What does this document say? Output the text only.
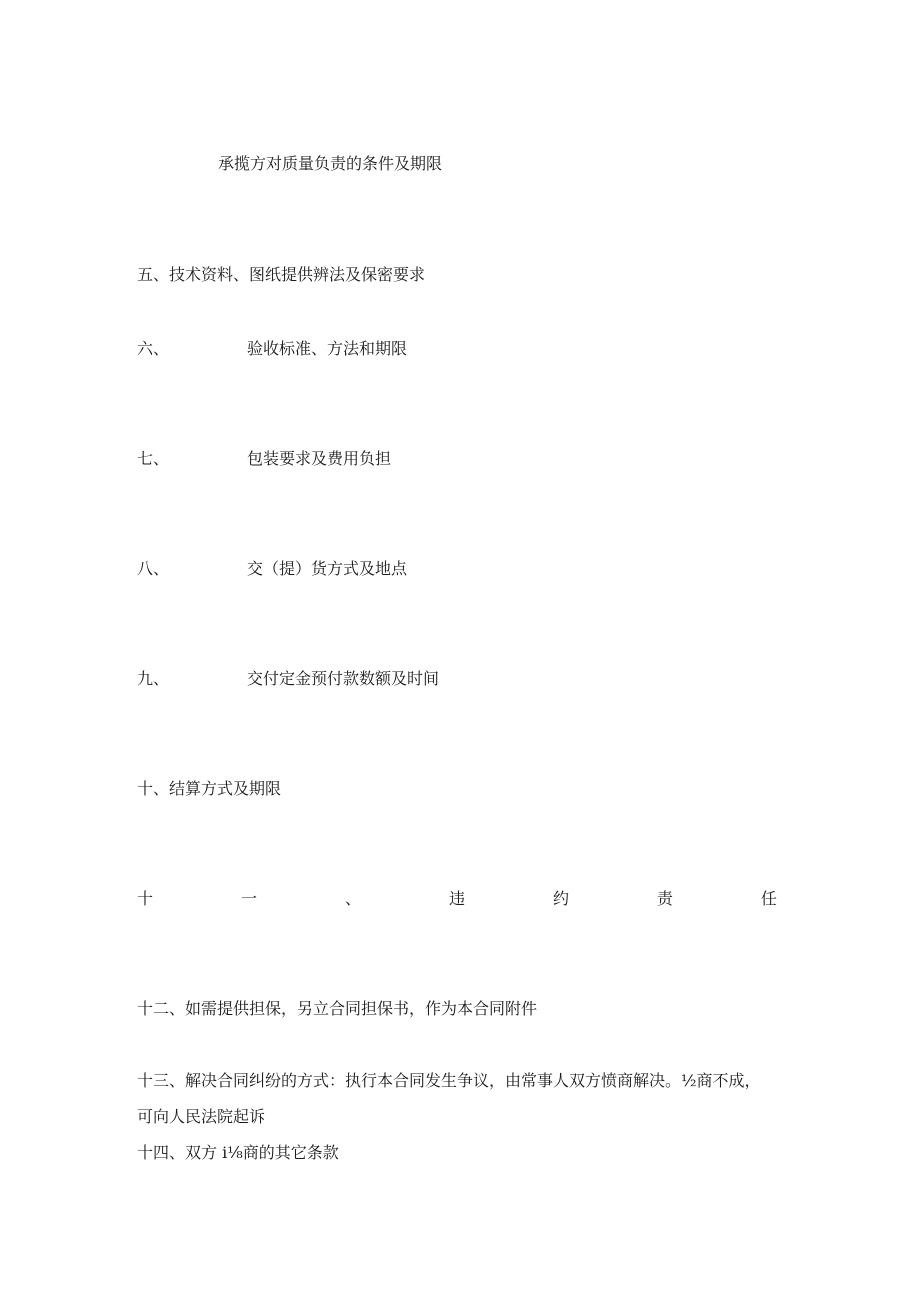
承揽方对质量负责的条件及期限
五、技术资料、图纸提供辨法及保密要求
六、	验收标准、方法和期限
七、	包装要求及费用负担
八、	交（提）货方式及地点
九、	交付定金预付款数额及时间
十、结算方式及期限
十	一	、	违	约	责	任
十二、如需提供担保，另立合同担保书，作为本合同附件
十三、解决合同纠纷的方式：执行本合同发生争议，由常事人双方愤商解决。½商不成，
可向人民法院起诉
十四、双方 i⅛商的其它条款
